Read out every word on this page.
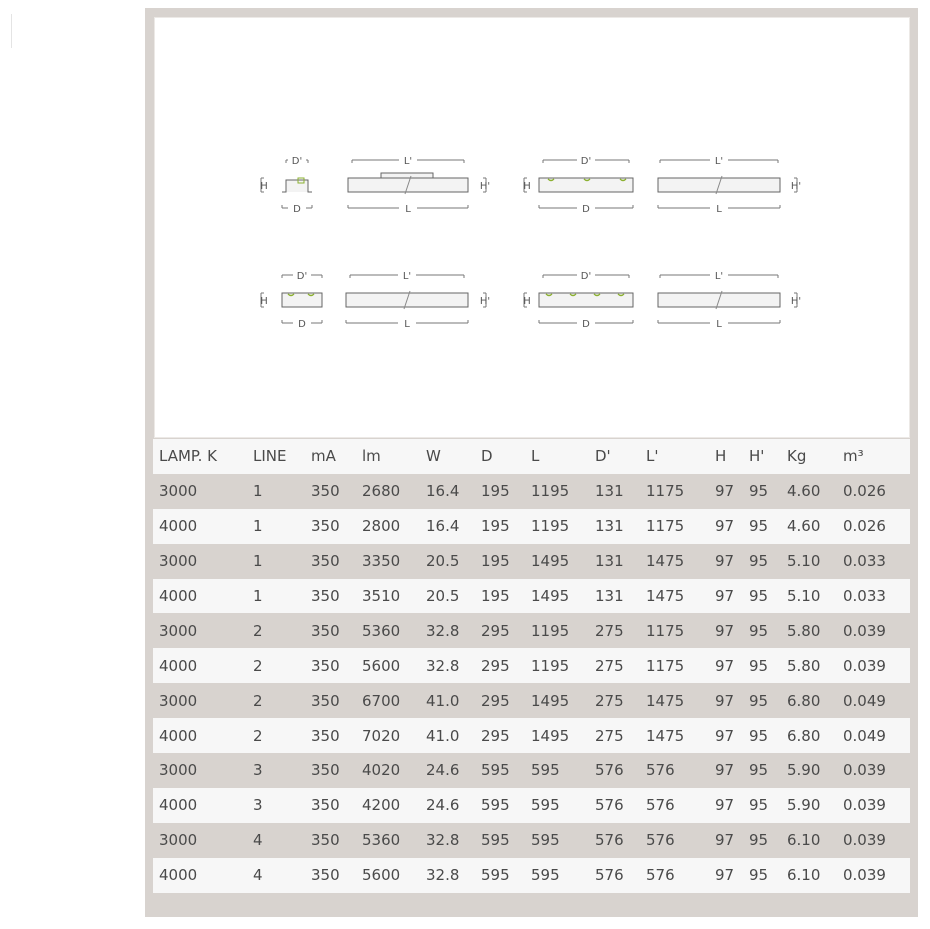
H
D'
D
L'
L
H'	H
D'
D
L'
L
H'
H
D'
D
L'
L
H'	H
D'
D
L'
L
H'
LAMP. K	LINE	mA	lm	W	D	L	D'	L'	H	H'	Kg	m³
3000	1	350	2680	16.4	195	1195	131	1175	97	95	4.60	0.026
4000	1	350	2800	16.4	195	1195	131	1175	97	95	4.60	0.026
3000	1	350	3350	20.5	195	1495	131	1475	97	95	5.10	0.033
4000	1	350	3510	20.5	195	1495	131	1475	97	95	5.10	0.033
3000	2	350	5360	32.8	295	1195	275	1175	97	95	5.80	0.039
4000	2	350	5600	32.8	295	1195	275	1175	97	95	5.80	0.039
3000	2	350	6700	41.0	295	1495	275	1475	97	95	6.80	0.049
4000	2	350	7020	41.0	295	1495	275	1475	97	95	6.80	0.049
3000	3	350	4020	24.6	595	595	576	576	97	95	5.90	0.039
4000	3	350	4200	24.6	595	595	576	576	97	95	5.90	0.039
3000	4	350	5360	32.8	595	595	576	576	97	95	6.10	0.039
4000	4	350	5600	32.8	595	595	576	576	97	95	6.10	0.039
